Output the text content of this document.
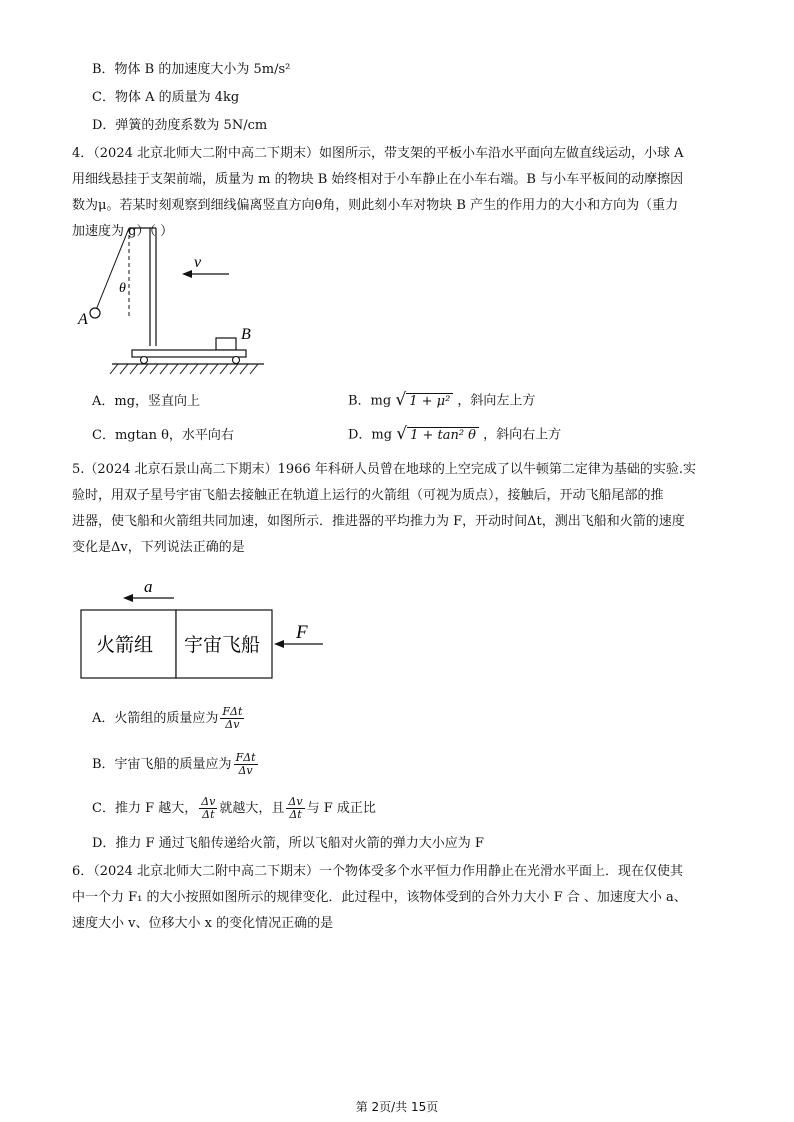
B．物体 B 的加速度大小为 5m/s²
C．物体 A 的质量为 4kg
D．弹簧的劲度系数为 5N/cm
4．（2024 北京北师大二附中高二下期末）如图所示，带支架的平板小车沿水平面向左做直线运动，小球 A
用细线悬挂于支架前端，质量为 m 的物块 B 始终相对于小车静止在小车右端。B 与小车平板间的动摩擦因
数为μ。若某时刻观察到细线偏离竖直方向θ角，则此刻小车对物块 B 产生的作用力的大小和方向为（重力
加速度为 g）（ ）
θ
A
v
B
A．mg，竖直向上	B．mg √ 1 + μ² ，斜向左上方
C．mgtan θ，水平向右	D．mg √ 1 + tan² θ ，斜向右上方
5.（2024 北京石景山高二下期末）1966 年科研人员曾在地球的上空完成了以牛顿第二定律为基础的实验.实
验时，用双子星号宇宙飞船去接触正在轨道上运行的火箭组（可视为质点），接触后，开动飞船尾部的推
进器，使飞船和火箭组共同加速，如图所示．推进器的平均推力为 F，开动时间Δt，测出飞船和火箭的速度
变化是Δv，下列说法正确的是
a
火箭组 宇宙飞船
F
A．火箭组的质量应为 $\frac{\text{FΔt}}{\Delta v}$
B．宇宙飞船的质量应为 $\frac{\text{FΔt}}{\Delta v}$
C．推力 F 越大， $\frac{\Delta v}{\Delta t}$ 就越大，且 $\frac{\Delta v}{\Delta t}$ 与 F 成正比
D．推力 F 通过飞船传递给火箭，所以飞船对火箭的弹力大小应为 F
6．（2024 北京北师大二附中高二下期末）一个物体受多个水平恒力作用静止在光滑水平面上．现在仅使其
中一个力 F₁ 的大小按照如图所示的规律变化．此过程中，该物体受到的合外力大小 F 合 、加速度大小 a、
速度大小 v、位移大小 x 的变化情况正确的是
第 2页/共 15页
